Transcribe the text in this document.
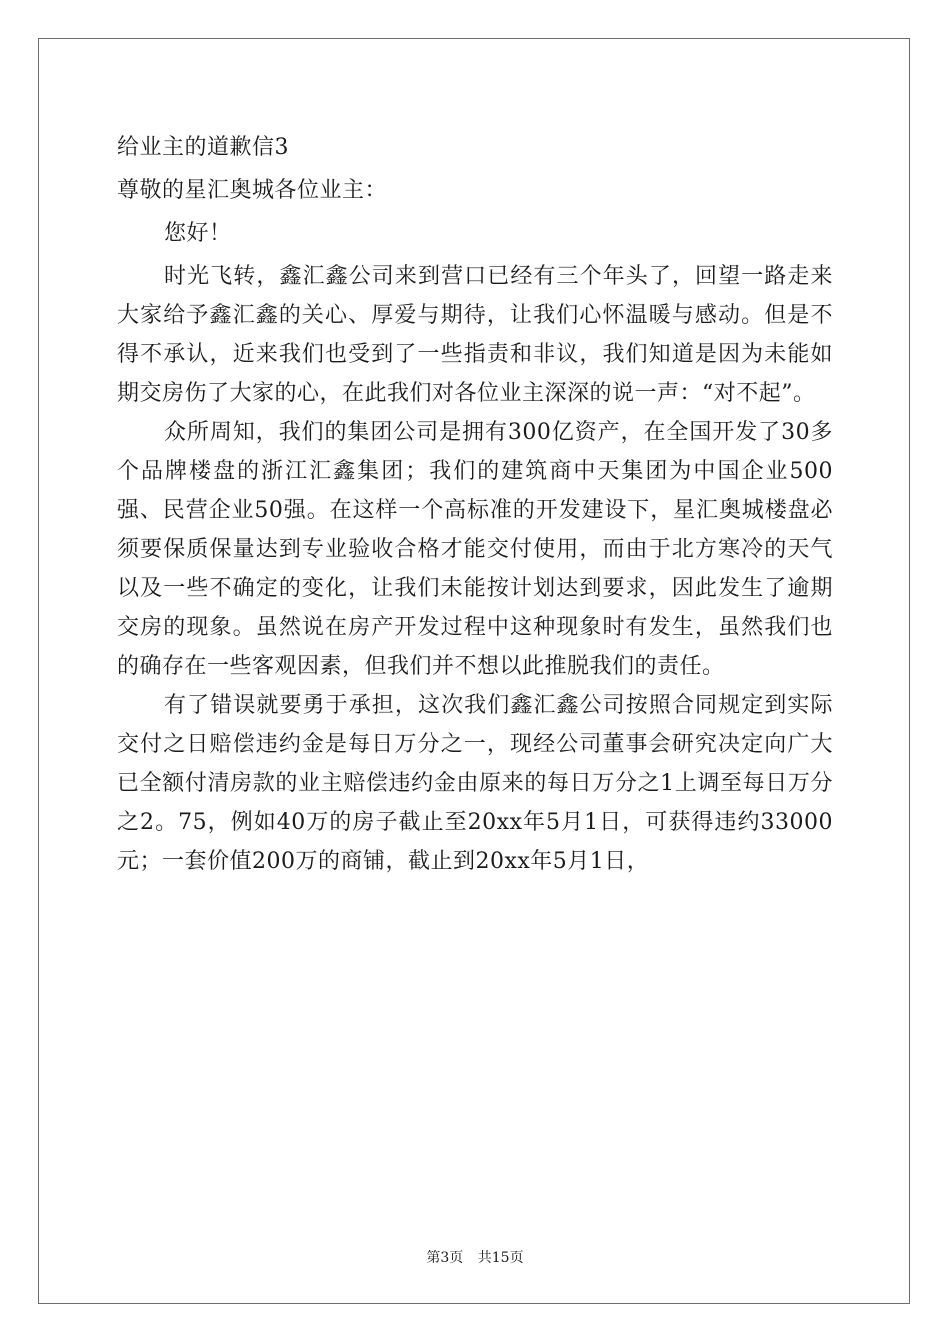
给业主的道歉信3
尊敬的星汇奥城各位业主：
您好！

时光飞转，鑫汇鑫公司来到营口已经有三个年头了，回望一路走来大家给予鑫汇鑫的关心、厚爱与期待，让我们心怀温暖与感动。但是不得不承认，近来我们也受到了一些指责和非议，我们知道是因为未能如期交房伤了大家的心，在此我们对各位业主深深的说一声：“对不起”。

众所周知，我们的集团公司是拥有300亿资产，在全国开发了30多个品牌楼盘的浙江汇鑫集团；我们的建筑商中天集团为中国企业500强、民营企业50强。在这样一个高标准的开发建设下，星汇奥城楼盘必须要保质保量达到专业验收合格才能交付使用，而由于北方寒冷的天气以及一些不确定的变化，让我们未能按计划达到要求，因此发生了逾期交房的现象。虽然说在房产开发过程中这种现象时有发生，虽然我们也的确存在一些客观因素，但我们并不想以此推脱我们的责任。

有了错误就要勇于承担，这次我们鑫汇鑫公司按照合同规定到实际交付之日赔偿违约金是每日万分之一，现经公司董事会研究决定向广大已全额付清房款的业主赔偿违约金由原来的每日万分之1上调至每日万分之2。75，例如40万的房子截止至20xx年5月1日，可获得违约33000元；一套价值200万的商铺，截止到20xx年5月1日，

第3页 共15页
